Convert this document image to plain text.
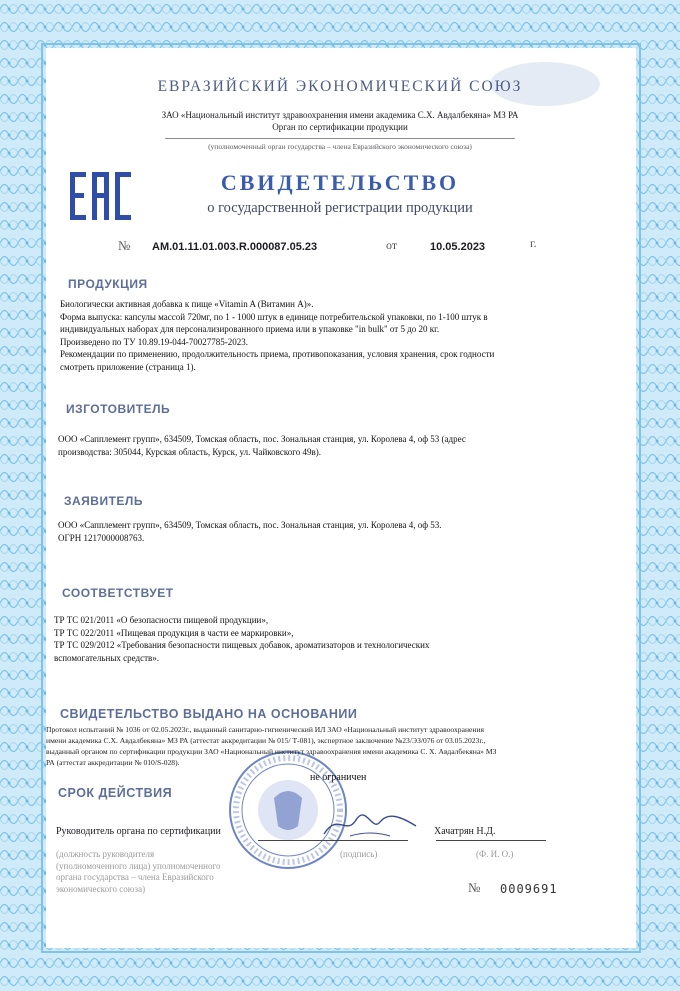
ЕВРАЗИЙСКИЙ ЭКОНОМИЧЕСКИЙ СОЮЗ
ЗАО «Национальный институт здравоохранения имени академика С.Х. Авдалбекяна» МЗ РА
Орган по сертификации продукции
(уполномоченный орган государства – члена Евразийского экономического союза)
СВИДЕТЕЛЬСТВО
о государственной регистрации продукции
№ AM.01.11.01.003.R.000087.05.23	от	10.05.2023	г.
ПРОДУКЦИЯ
Биологически активная добавка к пище «Vitamin A (Витамин А)».
Форма выпуска: капсулы массой 720мг, по 1 - 1000 штук в единице потребительской упаковки, по 1-100 штук в
индивидуальных наборах для персонализированного приема или в упаковке "in bulk" от 5 до 20 кг.
Произведено по ТУ 10.89.19-044-70027785-2023.
Рекомендации по применению, продолжительность приема, противопоказания, условия хранения, срок годности
смотреть приложение (страница 1).
ИЗГОТОВИТЕЛЬ
ООО «Сапплемент групп», 634509, Томская область, пос. Зональная станция, ул. Королева 4, оф 53 (адрес
производства: 305044, Курская область, Курск, ул. Чайковского 49в).
ЗАЯВИТЕЛЬ
ООО «Сапплемент групп», 634509, Томская область, пос. Зональная станция, ул. Королева 4, оф 53.
ОГРН 1217000008763.
СООТВЕТСТВУЕТ
ТР ТС 021/2011 «О безопасности пищевой продукции»,
ТР ТС 022/2011 «Пищевая продукция в части ее маркировки»,
ТР ТС 029/2012 «Требования безопасности пищевых добавок, ароматизаторов и технологических
вспомогательных средств».
СВИДЕТЕЛЬСТВО ВЫДАНО НА ОСНОВАНИИ
Протокол испытаний № 1036 от 02.05.2023г., выданный санитарно-гигиенический ИЛ ЗАО «Национальный институт здравоохранения
имени академика С.Х. Авдалбекяна» МЗ РА (аттестат аккредитации № 015/ Т-081), экспертное заключение №23/ЭЗ/076 от 03.05.2023г.,
выданный органом по сертификации продукции ЗАО «Национальный институт здравоохранения имени академика С. Х. Авдалбекяна» МЗ
РА (аттестат аккредитации № 010/S-028).
не ограничен
СРОК ДЕЙСТВИЯ
Руководитель органа по сертификации	Хачатрян Н.Д.
(должность руководителя
(уполномоченного лица) уполномоченного
органа государства – члена Евразийского
экономического союза)
(подпись)	(Ф. И. О.)
№ 0009691
